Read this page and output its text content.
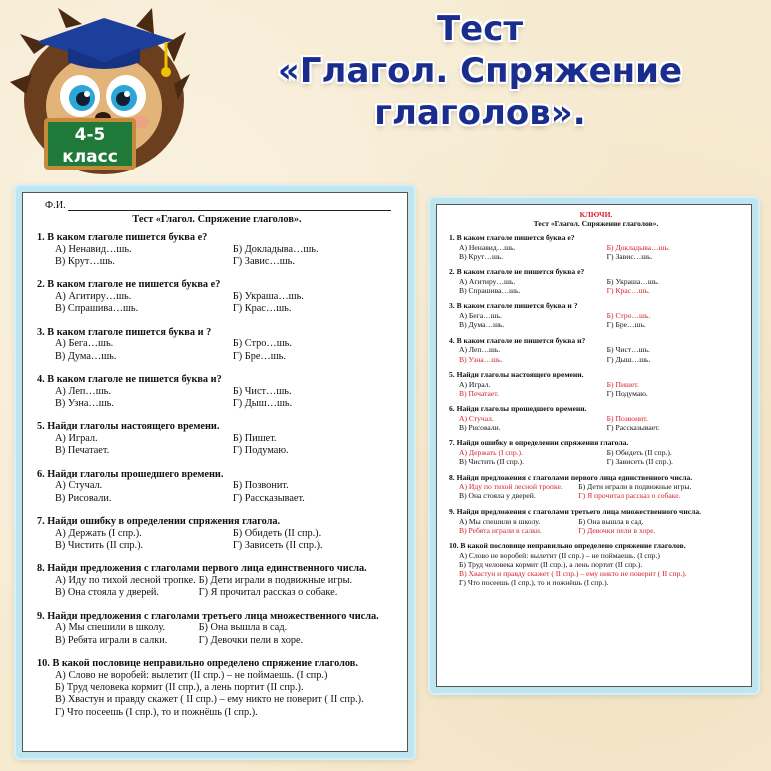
4-5
класс
Тест
«Глагол. Спряжение
глаголов».
Ф.И.
Тест «Глагол. Спряжение глаголов».
1. В каком глаголе пишется буква е?
А) Ненавид…шь.	Б) Докладыва…шь.
В) Крут…шь.	Г) Завис…шь.
2. В каком глаголе не пишется буква е?
А) Агитиру…шь.	Б) Украша…шь.
В) Спрашива…шь.	Г) Крас…шь.
3. В каком глаголе пишется буква и ?
А) Бега…шь.	Б) Стро…шь.
В) Дума…шь.	Г) Бре…шь.
4. В каком глаголе не пишется буква и?
А) Леп…шь.	Б) Чист…шь.
В) Узна…шь.	Г) Дыш…шь.
5. Найди глаголы настоящего времени.
А) Играл.	Б) Пишет.
В) Печатает.	Г) Подумаю.
6. Найди глаголы прошедшего времени.
А) Стучал.	Б) Позвонит.
В) Рисовали.	Г) Рассказывает.
7. Найди ошибку в определении спряжения глагола.
А) Держать (I спр.).	Б) Обидеть (II спр.).
В) Чистить (II спр.).	Г) Зависеть (II спр.).
8. Найди предложения с глаголами первого лица единственного числа.
А) Иду по тихой лесной тропке. Б) Дети играли в подвижные игры.
В) Она стояла у дверей.	Г) Я прочитал рассказ о собаке.
9. Найди предложения с глаголами третьего лица множественного числа.
А) Мы спешили в школу.	Б) Она вышла в сад.
В) Ребята играли в салки.	Г) Девочки пели в хоре.
10. В какой пословице неправильно определено спряжение глаголов.
А) Слово не воробей: вылетит (II спр.) – не поймаешь. (I спр.)
Б) Труд человека кормит (II спр.), а лень портит (II спр.).
В) Хвастун и правду скажет ( II спр.) – ему никто не поверит ( II спр.).
Г) Что посеешь (I спр.), то и пожнёшь (I спр.).
КЛЮЧИ.
Тест «Глагол. Спряжение глаголов».
1. В каком глаголе пишется буква е?
А) Ненавид…шь.	Б) Докладыва…шь.
В) Крут…шь.	Г) Завис…шь.
2. В каком глаголе не пишется буква е?
А) Агитиру…шь.	Б) Украша…шь.
В) Спрашива…шь.	Г) Крас…шь.
3. В каком глаголе пишется буква и ?
А) Бега…шь.	Б) Стро…шь.
В) Дума…шь.	Г) Бре…шь.
4. В каком глаголе не пишется буква и?
А) Леп…шь.	Б) Чист…шь.
В) Узна…шь.	Г) Дыш…шь.
5. Найди глаголы настоящего времени.
А) Играл.	Б) Пишет.
В) Печатает.	Г) Подумаю.
6. Найди глаголы прошедшего времени.
А) Стучал.	Б) Позвонит.
В) Рисовали.	Г) Рассказывает.
7. Найди ошибку в определении спряжения глагола.
А) Держать (I спр.).	Б) Обидеть (II спр.).
В) Чистить (II спр.).	Г) Зависеть (II спр.).
8. Найди предложения с глаголами первого лица единственного числа.
А) Иду по тихой лесной тропке.	Б) Дети играли в подвижные игры.
В) Она стояла у дверей.	Г) Я прочитал рассказ о собаке.
9. Найди предложения с глаголами третьего лица множественного числа.
А) Мы спешили в школу.	Б) Она вышла в сад.
В) Ребята играли в салки.	Г) Девочки пели в хоре.
10. В какой пословице неправильно определено спряжение глаголов.
А) Слово не воробей: вылетит (II спр.) – не поймаешь. (I спр.)
Б) Труд человека кормит (II спр.), а лень портит (II спр.).
В) Хвастун и правду скажет ( II спр.) – ему никто не поверит ( II спр.).
Г) Что посеешь (I спр.), то и пожнёшь (I спр.).
